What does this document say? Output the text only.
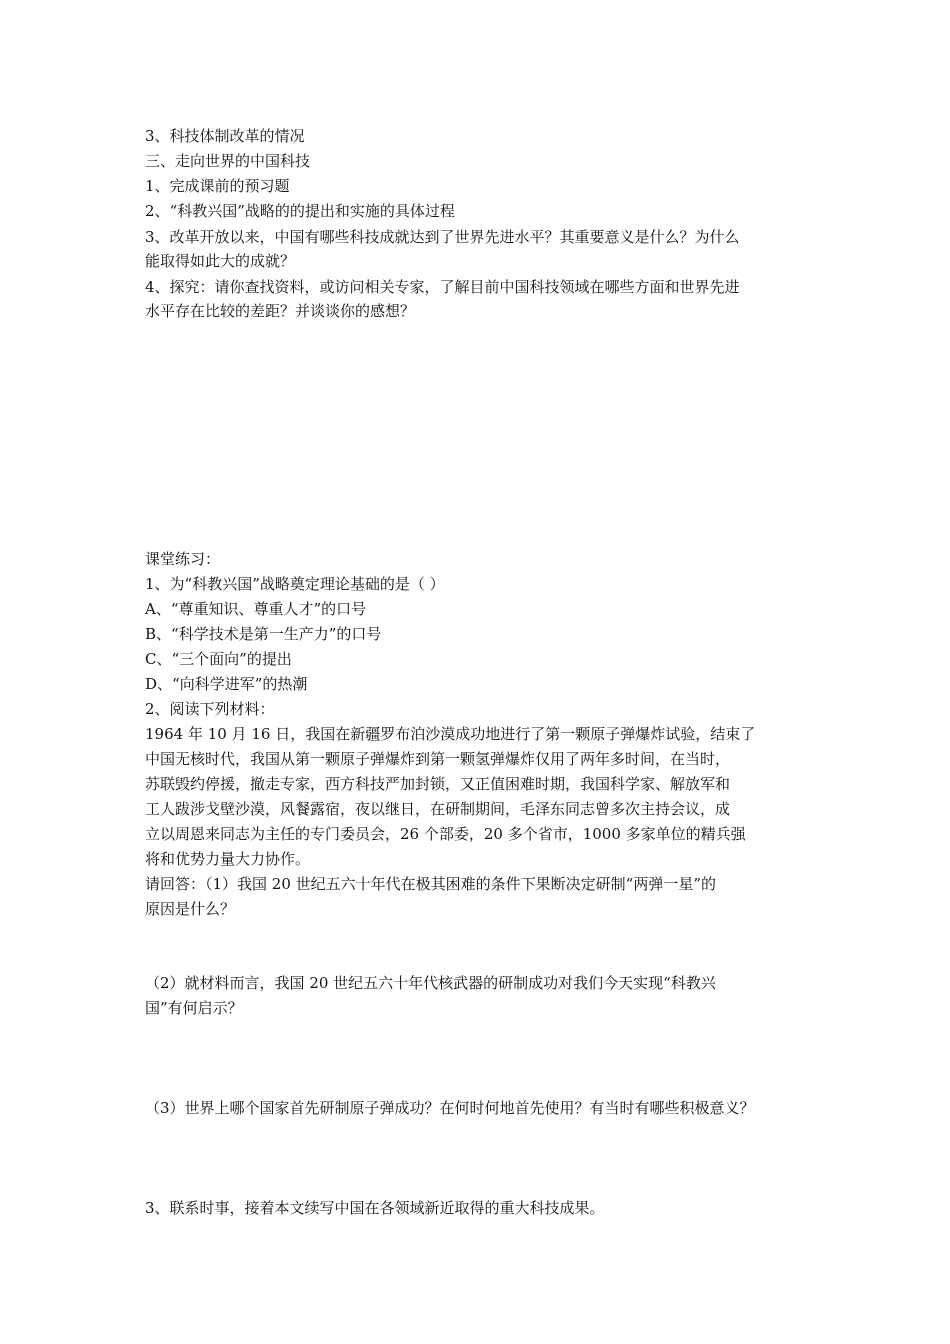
3、科技体制改革的情况
三、走向世界的中国科技
1、完成课前的预习题
2、“科教兴国”战略的的提出和实施的具体过程
3、改革开放以来，中国有哪些科技成就达到了世界先进水平？其重要意义是什么？为什么
能取得如此大的成就？
4、探究：请你查找资料，或访问相关专家，了解目前中国科技领域在哪些方面和世界先进
水平存在比较的差距？并谈谈你的感想？
课堂练习：
1、为“科教兴国”战略奠定理论基础的是（ ）
A、“尊重知识、尊重人才”的口号
B、“科学技术是第一生产力”的口号
C、“三个面向”的提出
D、“向科学进军”的热潮
2、阅读下列材料：
1964 年 10 月 16 日，我国在新疆罗布泊沙漠成功地进行了第一颗原子弹爆炸试验，结束了
中国无核时代，我国从第一颗原子弹爆炸到第一颗氢弹爆炸仅用了两年多时间，在当时，
苏联毁约停援，撤走专家，西方科技严加封锁，又正值困难时期，我国科学家、解放军和
工人跋涉戈壁沙漠，风餐露宿，夜以继日，在研制期间，毛泽东同志曾多次主持会议，成
立以周恩来同志为主任的专门委员会，26 个部委，20 多个省市，1000 多家单位的精兵强
将和优势力量大力协作。
请回答：（1）我国 20 世纪五六十年代在极其困难的条件下果断决定研制“两弹一星”的
原因是什么？
（2）就材料而言，我国 20 世纪五六十年代核武器的研制成功对我们今天实现“科教兴
国”有何启示？
（3）世界上哪个国家首先研制原子弹成功？在何时何地首先使用？有当时有哪些积极意义？
3、联系时事，接着本文续写中国在各领域新近取得的重大科技成果。
